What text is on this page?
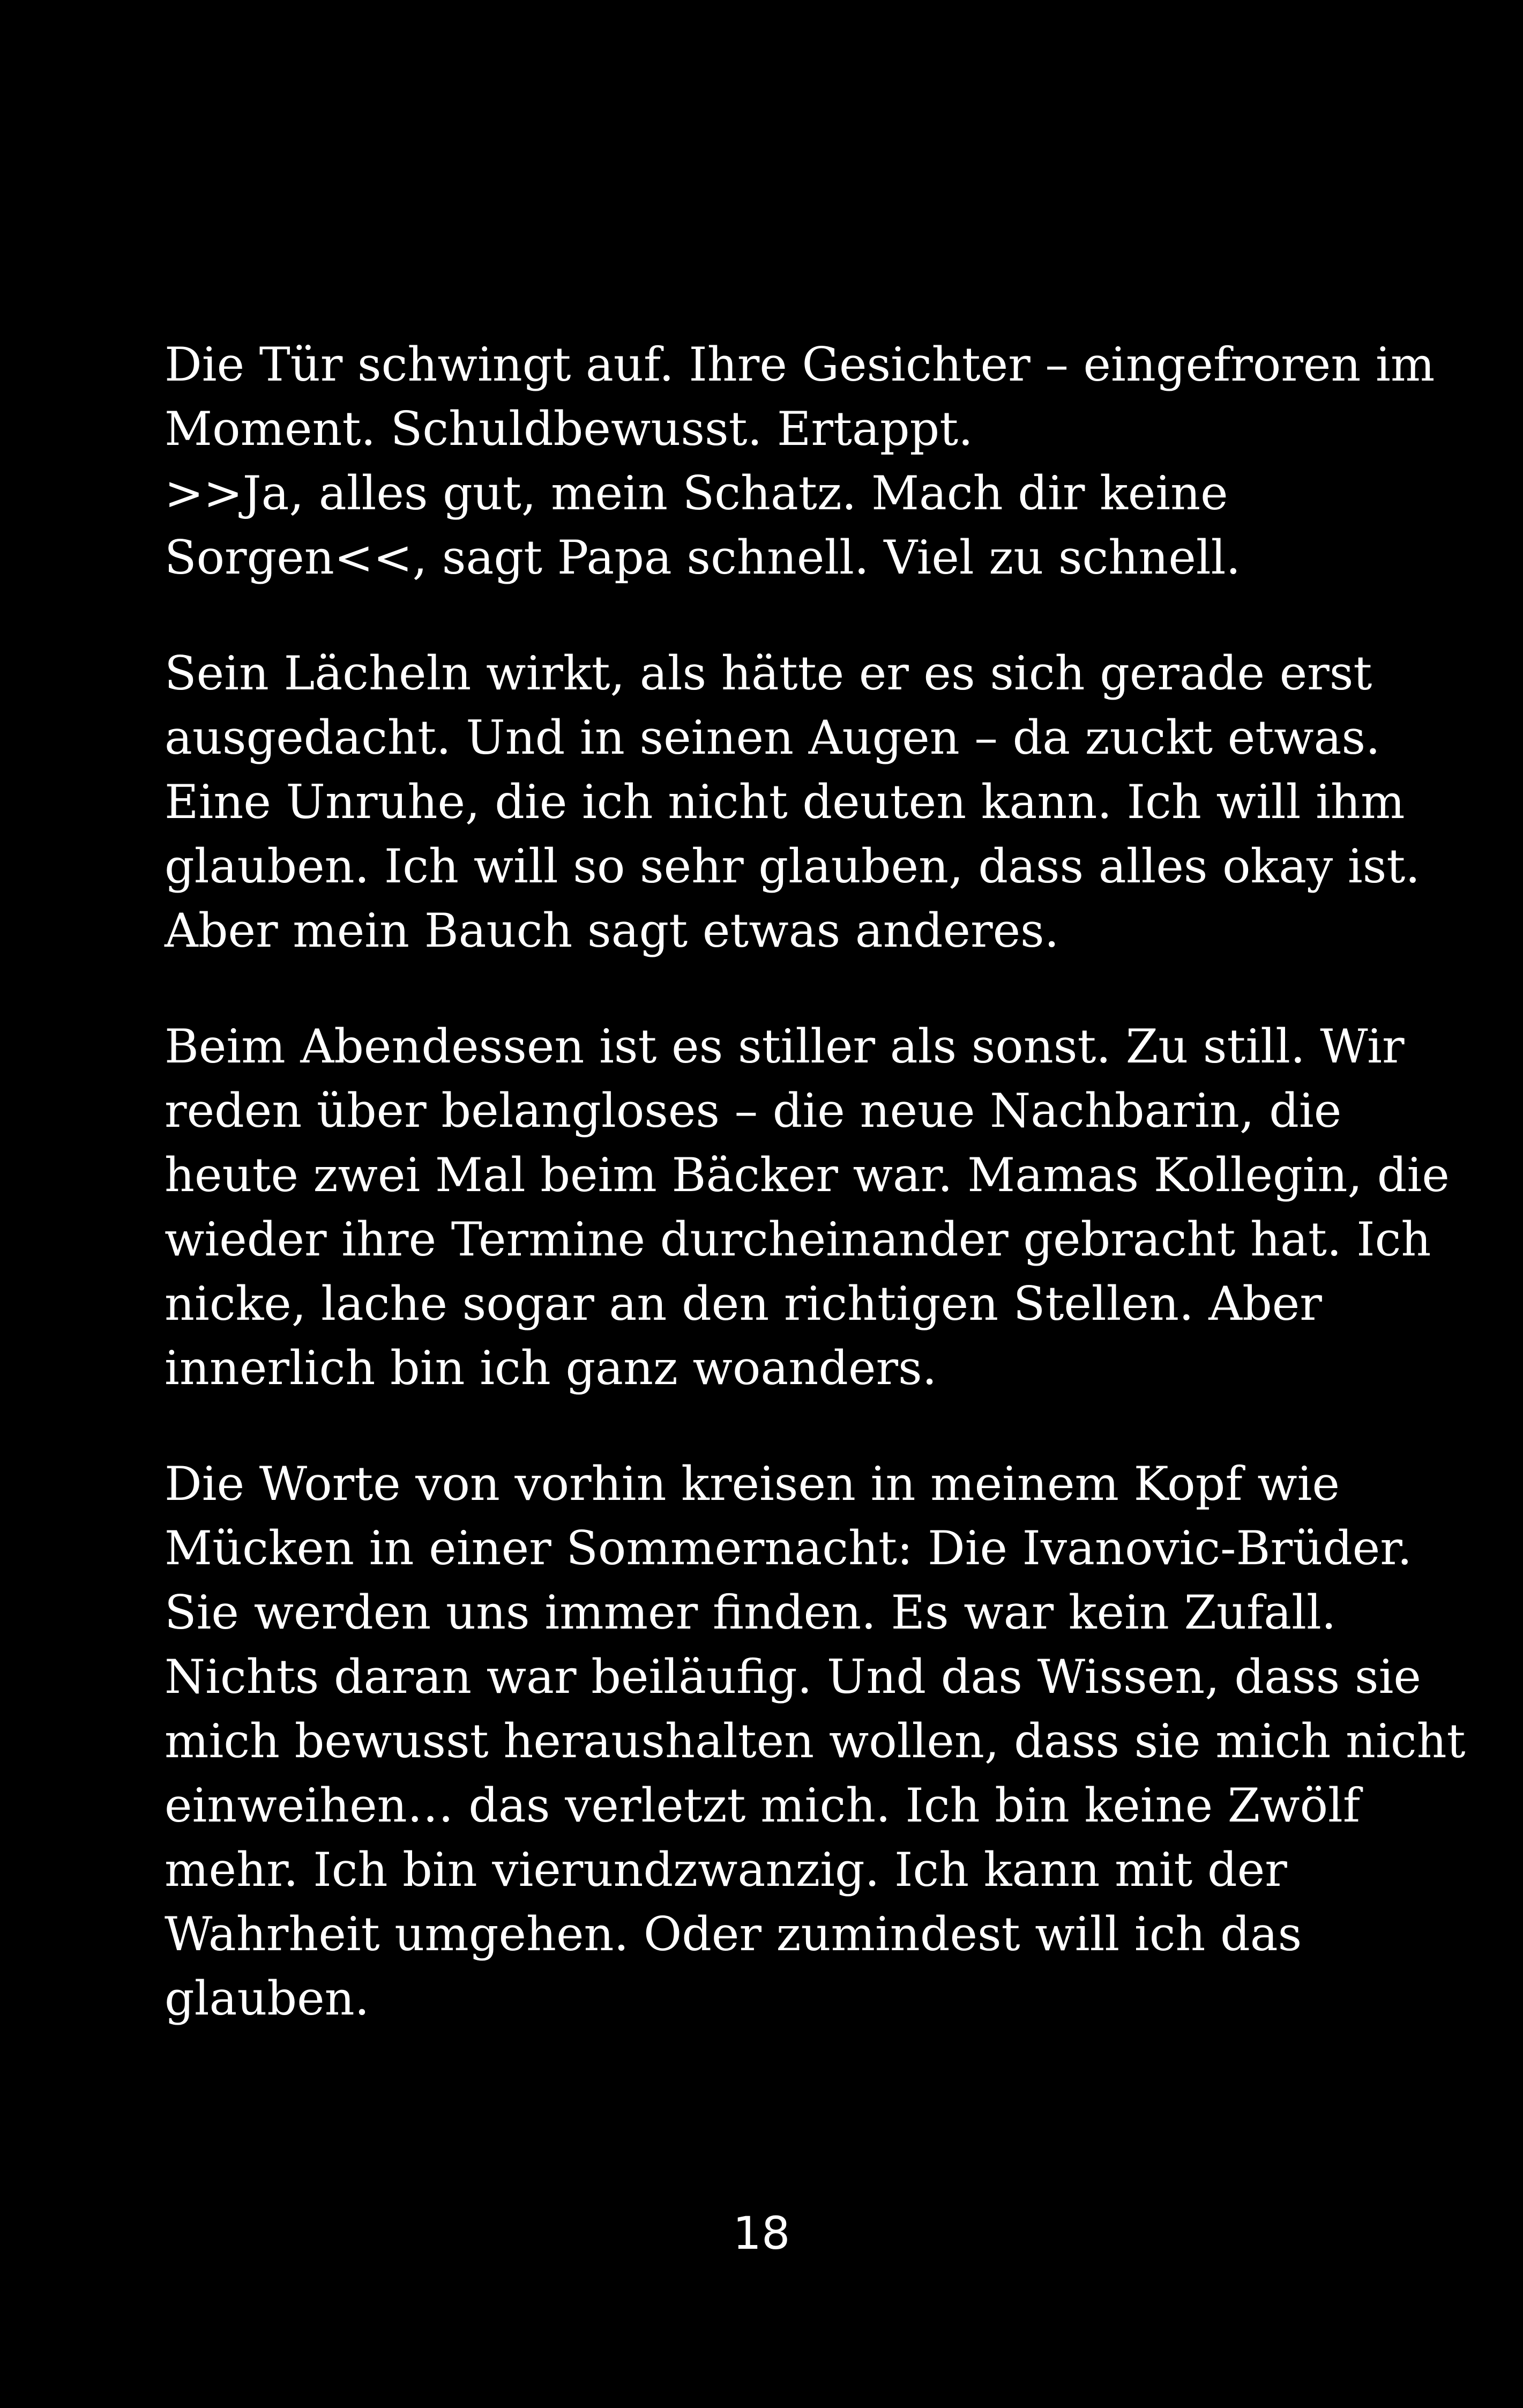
Die Tür schwingt auf. Ihre Gesichter – eingefroren im
Moment. Schuldbewusst. Ertappt.
>>Ja, alles gut, mein Schatz. Mach dir keine
Sorgen<<, sagt Papa schnell. Viel zu schnell.

Sein Lächeln wirkt, als hätte er es sich gerade erst
ausgedacht. Und in seinen Augen – da zuckt etwas.
Eine Unruhe, die ich nicht deuten kann. Ich will ihm
glauben. Ich will so sehr glauben, dass alles okay ist.
Aber mein Bauch sagt etwas anderes.

Beim Abendessen ist es stiller als sonst. Zu still. Wir
reden über belangloses – die neue Nachbarin, die
heute zwei Mal beim Bäcker war. Mamas Kollegin, die
wieder ihre Termine durcheinander gebracht hat. Ich
nicke, lache sogar an den richtigen Stellen. Aber
innerlich bin ich ganz woanders.

Die Worte von vorhin kreisen in meinem Kopf wie
Mücken in einer Sommernacht: Die Ivanovic-Brüder.
Sie werden uns immer finden. Es war kein Zufall.
Nichts daran war beiläufig. Und das Wissen, dass sie
mich bewusst heraushalten wollen, dass sie mich nicht
einweihen… das verletzt mich. Ich bin keine Zwölf
mehr. Ich bin vierundzwanzig. Ich kann mit der
Wahrheit umgehen. Oder zumindest will ich das
glauben.

18
